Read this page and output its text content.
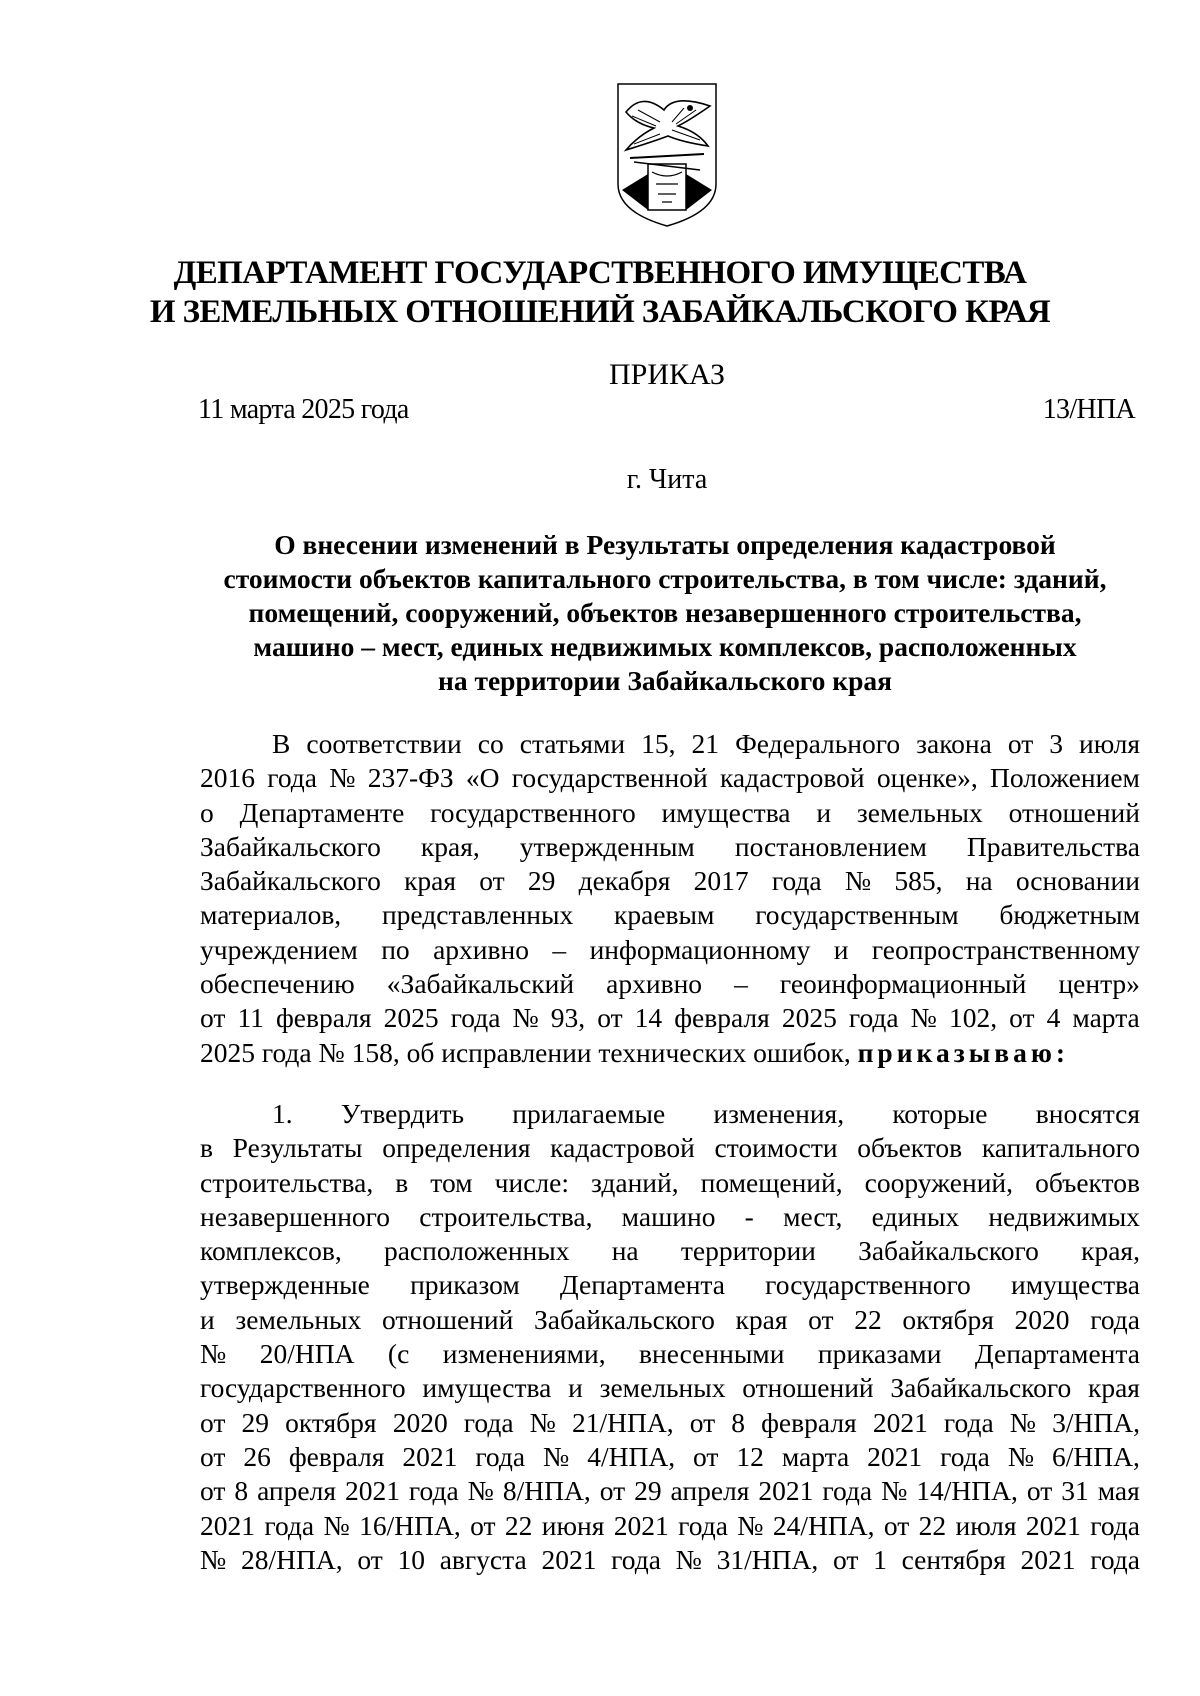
ДЕПАРТАМЕНТ ГОСУДАРСТВЕННОГО ИМУЩЕСТВА
И ЗЕМЕЛЬНЫХ ОТНОШЕНИЙ ЗАБАЙКАЛЬСКОГО КРАЯ
ПРИКАЗ
11 марта 2025 года	13/НПА
г. Чита
О внесении изменений в Результаты определения кадастровой
стоимости объектов капитального строительства, в том числе: зданий,
помещений, сооружений, объектов незавершенного строительства,
машино – мест, единых недвижимых комплексов, расположенных
на территории Забайкальского края
В соответствии со статьями 15, 21 Федерального закона от 3 июля
2016 года № 237-ФЗ «О государственной кадастровой оценке», Положением
о Департаменте государственного имущества и земельных отношений
Забайкальского края, утвержденным постановлением Правительства
Забайкальского края от 29 декабря 2017 года № 585, на основании
материалов, представленных краевым государственным бюджетным
учреждением по архивно – информационному и геопространственному
обеспечению «Забайкальский архивно – геоинформационный центр»
от 11 февраля 2025 года № 93, от 14 февраля 2025 года № 102, от 4 марта
2025 года № 158, об исправлении технических ошибок, приказываю:
1. Утвердить прилагаемые изменения, которые вносятся
в Результаты определения кадастровой стоимости объектов капитального
строительства, в том числе: зданий, помещений, сооружений, объектов
незавершенного строительства, машино - мест, единых недвижимых
комплексов, расположенных на территории Забайкальского края,
утвержденные приказом Департамента государственного имущества
и земельных отношений Забайкальского края от 22 октября 2020 года
№ 20/НПА (с изменениями, внесенными приказами Департамента
государственного имущества и земельных отношений Забайкальского края
от 29 октября 2020 года № 21/НПА, от 8 февраля 2021 года № 3/НПА,
от 26 февраля 2021 года № 4/НПА, от 12 марта 2021 года № 6/НПА,
от 8 апреля 2021 года № 8/НПА, от 29 апреля 2021 года № 14/НПА, от 31 мая
2021 года № 16/НПА, от 22 июня 2021 года № 24/НПА, от 22 июля 2021 года
№ 28/НПА, от 10 августа 2021 года № 31/НПА, от 1 сентября 2021 года
